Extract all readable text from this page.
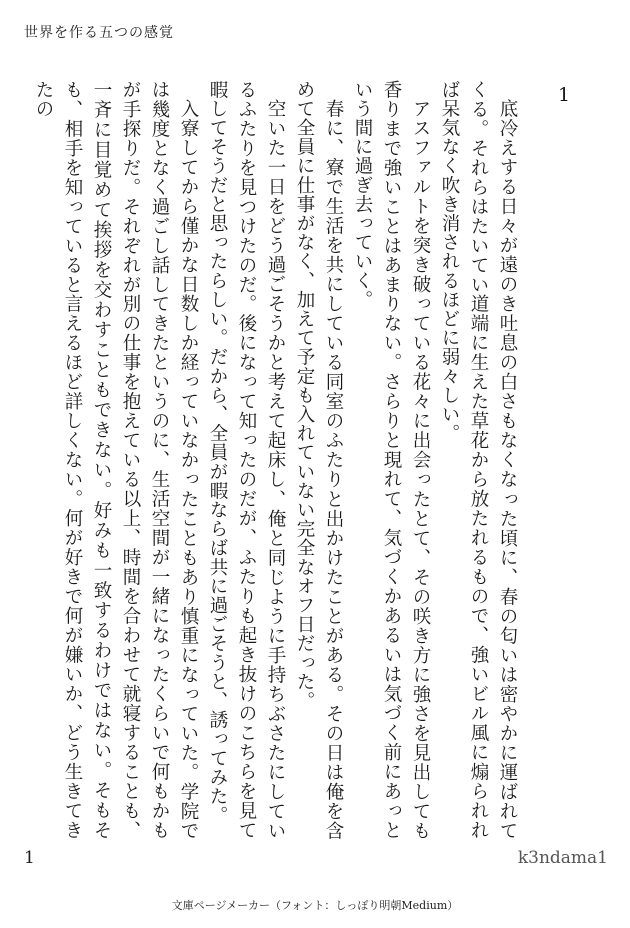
世界を作る五つの感覚
1

底冷えする日々が遠のき吐息の白さもなくなった頃に、春の匂いは密やかに運ばれてくる。それらはたいてい道端に生えた草花から放たれるもので、強いビル風に煽られれば呆気なく吹き消されるほどに弱々しい。

アスファルトを突き破っている花々に出会ったとて、その咲き方に強さを見出しても香りまで強いことはあまりない。さらりと現れて、気づくかあるいは気づく前にあっという間に過ぎ去っていく。

春に、寮で生活を共にしている同室のふたりと出かけたことがある。その日は俺を含めて全員に仕事がなく、加えて予定も入れていない完全なオフ日だった。

空いた一日をどう過ごそうかと考えて起床し、俺と同じように手持ちぶさたにしているふたりを見つけたのだ。後になって知ったのだが、ふたりも起き抜けのこちらを見て暇してそうだと思ったらしい。だから、全員が暇ならば共に過ごそうと、誘ってみた。

入寮してから僅かな日数しか経っていなかったこともあり慎重になっていた。学院では幾度となく過ごし話してきたというのに、生活空間が一緒になったくらいで何もかもが手探りだ。それぞれが別の仕事を抱えている以上、時間を合わせて就寝することも、一斉に目覚めて挨拶を交わすこともできない。好みも一致するわけではない。そもそも、相手を知っていると言えるほど詳しくない。何が好きで何が嫌いか、どう生きてきたの

1	k3ndama1
文庫ページメーカー（フォント：しっぽり明朝Medium）
